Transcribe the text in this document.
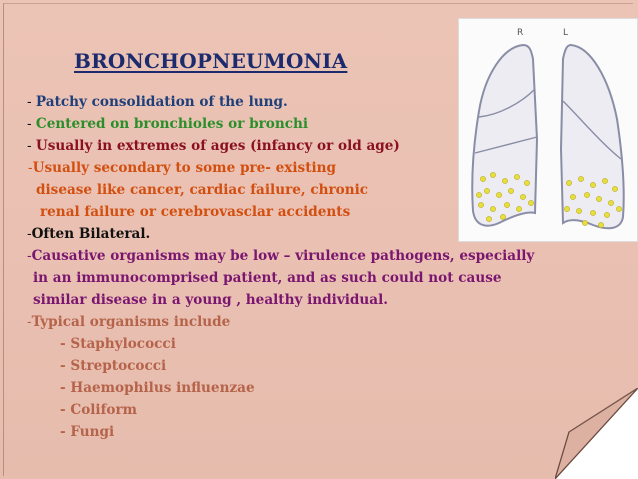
BRONCHOPNEUMONIA
- Patchy consolidation of the lung.
- Centered on bronchioles or bronchi
- Usually in extremes of ages (infancy or old age)
-Usually secondary to some pre- existing
disease like cancer, cardiac failure, chronic
renal failure or cerebrovasclar accidents
-Often Bilateral.
-Causative organisms may be low – virulence pathogens, especially
in an immunocomprised patient, and as such could not cause
similar disease in a young , healthy individual.
-Typical organisms include
- Staphylococci
- Streptococci
- Haemophilus influenzae
- Coliform
- Fungi
R	L
